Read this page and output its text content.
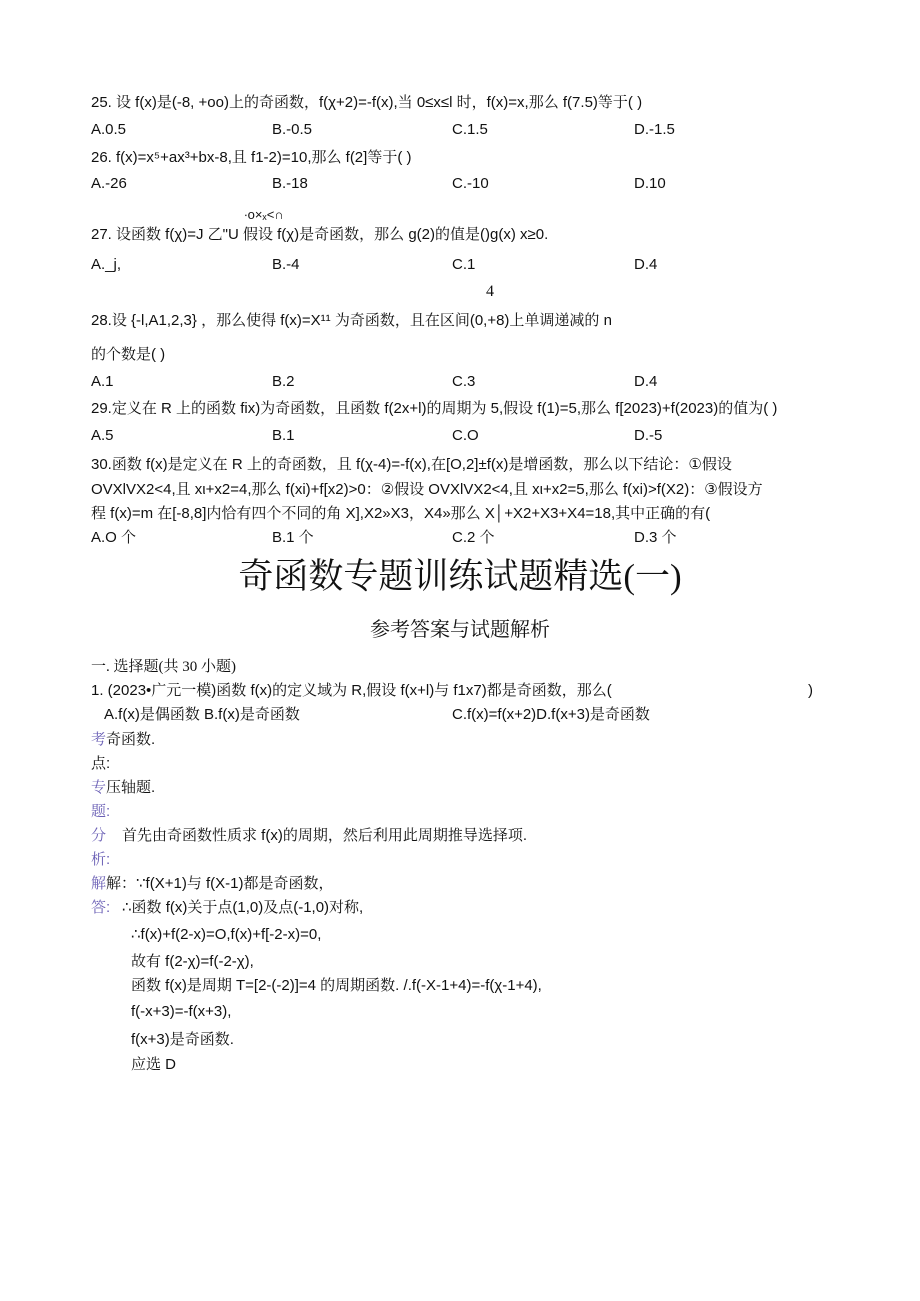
25. 设 f(x)是(-8, +oo)上的奇函数，f(χ+2)=-f(x),当 0≤x≤l 时，f(x)=x,那么 f(7.5)等于( )
A.0.5	B.-0.5	C.1.5	D.-1.5
26. f(x)=x⁵+ax³+bx-8,且 f1-2)=10,那么 f(2]等于( )
A.-26	B.-18	C.-10	D.10
∙o×ₓ<∩
27. 设函数 f(χ)=J 乙"U 假设 f(χ)是奇函数，那么 g(2)的值是()g(x) x≥0.
A._j,	B.-4	C.1	D.4
4
28.设 {-l,A1,2,3} ，那么使得 f(x)=X¹¹ 为奇函数，且在区间(0,+8)上单调递减的 n
的个数是( )
A.1	B.2	C.3	D.4
29.定义在 R 上的函数 fix)为奇函数，且函数 f(2x+l)的周期为 5,假设 f(1)=5,那么 f[2023)+f(2023)的值为( )
A.5	B.1	C.O	D.-5
30.函数 f(x)是定义在 R 上的奇函数，且 f(χ-4)=-f(x),在[O,2]±f(x)是增函数，那么以下结论：①假设
OVXlVX2<4,且 xι+x2=4,那么 f(xi)+f[x2)>0：②假设 OVXlVX2<4,且 xι+x2=5,那么 f(xi)>f(X2)：③假设方
程 f(x)=m 在[-8,8]内恰有四个不同的角 X],X2»X3，X4»那么 X│+X2+X3+X4=18,其中正确的有(
A.O 个	B.1 个	C.2 个	D.3 个
奇函数专题训练试题精选(一)
参考答案与试题解析
一. 选择题(共 30 小题)
1. (2023•广元一模)函数 f(x)的定义域为 R,假设 f(x+l)与 f1x7)都是奇函数，那么(	)
A.f(x)是偶函数 B.f(x)是奇函数	C.f(x)=f(x+2)D.f(x+3)是奇函数
考奇函数.
点:
专压轴题.
题:
分 首先由奇函数性质求 f(x)的周期，然后利用此周期推导选择项.
析:
解解：∵f(X+1)与 f(X-1)都是奇函数，
答: ∴函数 f(x)关于点(1,0)及点(-1,0)对称,
∴f(x)+f(2-x)=O,f(x)+f[-2-x)=0,
故有 f(2-χ)=f(-2-χ),
函数 f(x)是周期 T=[2-(-2)]=4 的周期函数. /.f(-X-1+4)=-f(χ-1+4),
f(-x+3)=-f(x+3),
f(x+3)是奇函数.
应选 D
